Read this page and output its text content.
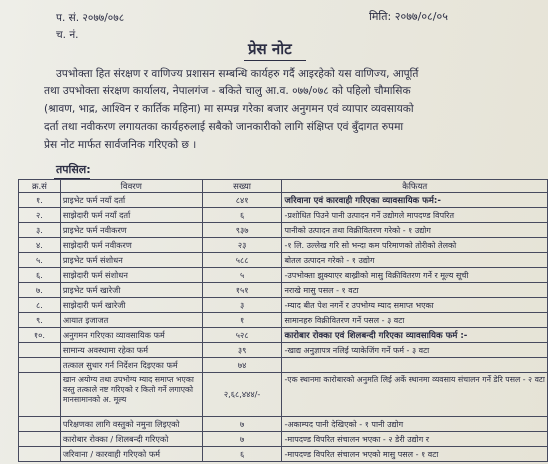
प. सं. २०७७/०७८
च. नं.
मिति: २०७७/०८/०५
प्रेस नोट
उपभोक्ता हित संरक्षण र वाणिज्य प्रशासन सम्बन्धि कार्यहरु गर्दै आइरहेको यस वाणिज्य, आपूर्ति
तथा उपभोक्ता संरक्षण कार्यालय, नेपालगंज - बकिते चालु आ.व. ०७७/०७८ को पहिलो चौमासिक
(श्रावण, भाद्र, आश्विन र कार्तिक महिना) मा सम्पन्न गरेका बजार अनुगमन एवं व्यापार व्यवसायको
दर्ता तथा नवीकरण लगायतका कार्यहरुलाई सबैको जानकारीको लागि संक्षिप्त एवं बुँदागत रुपमा
प्रेस नोट मार्फत सार्वजनिक गरिएको छ ।
तपसिल:
क्र.सं	विवरण	सख्या	कैफियत
१.	प्राइभेट फर्म नयाँ दर्ता	८४१	जरिवाना एवं कारवाही गरिएका व्यावसायिक फर्म:-
२.	साझेदारी फर्म नयाँ दर्ता	६	-प्रशोधित पिउने पानी उत्पादन गर्ने उद्योगले मापदण्ड विपरित
३.	प्राइभेट फर्म नवीकरण	९३७	पानीको उत्पादन तथा विक्रीवितरण गरेको - १ उद्योग
४.	साझेदारी फर्म नवीकरण	२३	-१ लि. उल्लेख गरि सो भन्दा कम परिमाणको तोरीको तेलको
५.	प्राइभेट फर्म संशोधन	५८८	बोतल उत्पादन गरेको - १ उद्योग
६.	साझेदारी फर्म संशोधन	५	-उपभोक्ता झुक्याएर बाख्रीको मासु विक्रीवितरण गर्ने र मूल्य सूची
७.	प्राइभेट फर्म खारेजी	१५१	नराखे मासु पसल - १ वटा
८.	साझेदारी फर्म खारेजी	३	-म्याद बीत पेश नगर्ने र उपभोग्य म्याद समाप्त भएका
९.	आयात इजाजत	१	सामानहरु विक्रीवितरण गर्ने पसल - ३ वटा
१०.	अनुगमन गरिएका व्यावसायिक फर्म	५२८	कारोबार रोक्का एवं शिलबन्दी गरिएका व्यावसायिक फर्म :-
	सामान्य अवस्थामा रहेका फर्म	३९	-खाद्य अनुज्ञापत्र नलिई प्याकेजिंग गर्ने फर्म - ३ वटा
	तत्काल सुधार गर्न निर्देशन दिइएका फर्म	७४	
	खान अयोग्य तथा उपभोग्य म्याद समाप्त भएका वस्तु तत्काले नष्ट गरिएको र कितो गर्ने लगाएको मानसामानको अ. मूल्य	२,६८,४४४/-	-एक स्थानमा कारोबारको अनुमति लिई अर्के स्थानमा व्यवसाय संचालन गर्ने डेरि पसल - २ वटा
	परिक्षणका लागि वस्तुको नमुना लिइएको	७	-अकाम्पद पानी देखिएको - १ पानी उद्योग
	कारोबार रोक्का / शिलबन्दी गरिएको	७	-मापदण्ड विपरित संचालन भएका - २ डेरी उद्योग र
	जरिवाना / कारवाही गरिएको फर्म	६	-मापदण्ड विपरित संचालन भएको मासु पसल - १ वटा
